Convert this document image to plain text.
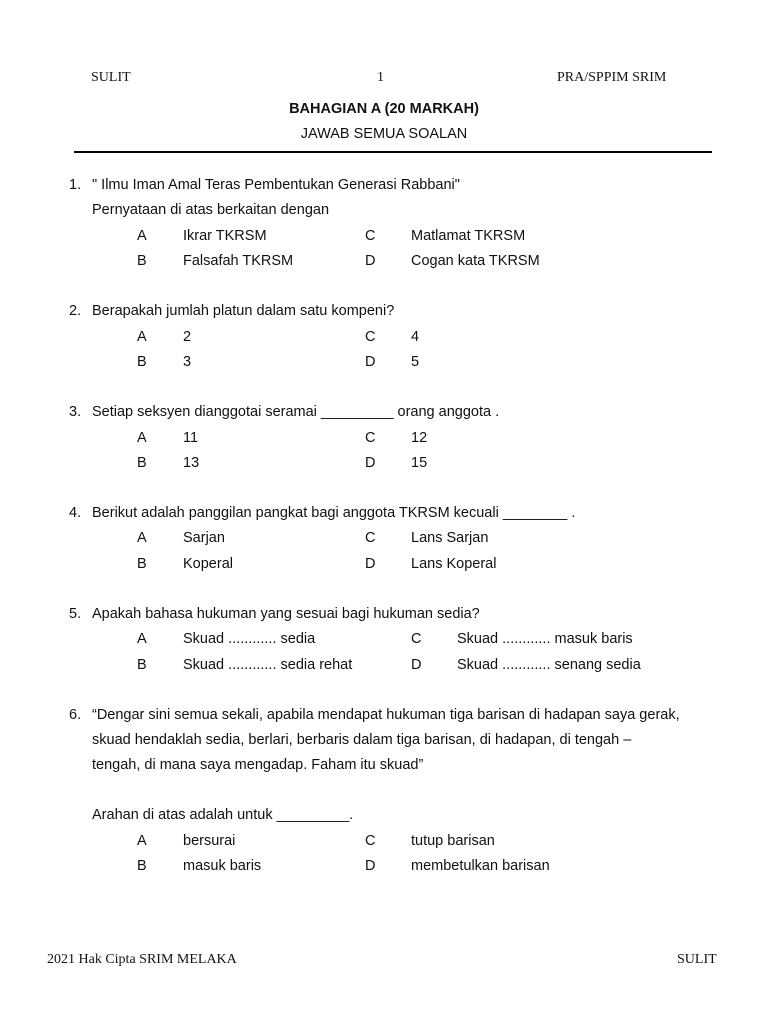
SULIT	1	PRA/SPPIM SRIM
BAHAGIAN A (20 MARKAH)
JAWAB SEMUA SOALAN
1. " Ilmu Iman Amal Teras Pembentukan Generasi Rabbani"
Pernyataan di atas berkaitan dengan
A	Ikrar TKRSM	C Matlamat TKRSM
B	Falsafah TKRSM	D Cogan kata TKRSM
2. Berapakah jumlah platun dalam satu kompeni?
A	2	C 4
B	3	D 5
3. Setiap seksyen dianggotai seramai _________ orang anggota .
A	11	C 12
B	13	D 15
4. Berikut adalah panggilan pangkat bagi anggota TKRSM kecuali ________ .
A	Sarjan	C Lans Sarjan
B	Koperal	D Lans Koperal
5. Apakah bahasa hukuman yang sesuai bagi hukuman sedia?
A	Skuad ............ sedia	C Skuad ............ masuk baris
B	Skuad ............ sedia rehat	D Skuad ............ senang sedia
6. “Dengar sini semua sekali, apabila mendapat hukuman tiga barisan di hadapan saya gerak,
skuad hendaklah sedia, berlari, berbaris dalam tiga barisan, di hadapan, di tengah –
tengah, di mana saya mengadap. Faham itu skuad”
Arahan di atas adalah untuk _________.
A	bersurai	C tutup barisan
B	masuk baris	D membetulkan barisan
2021 Hak Cipta SRIM MELAKA	SULIT
